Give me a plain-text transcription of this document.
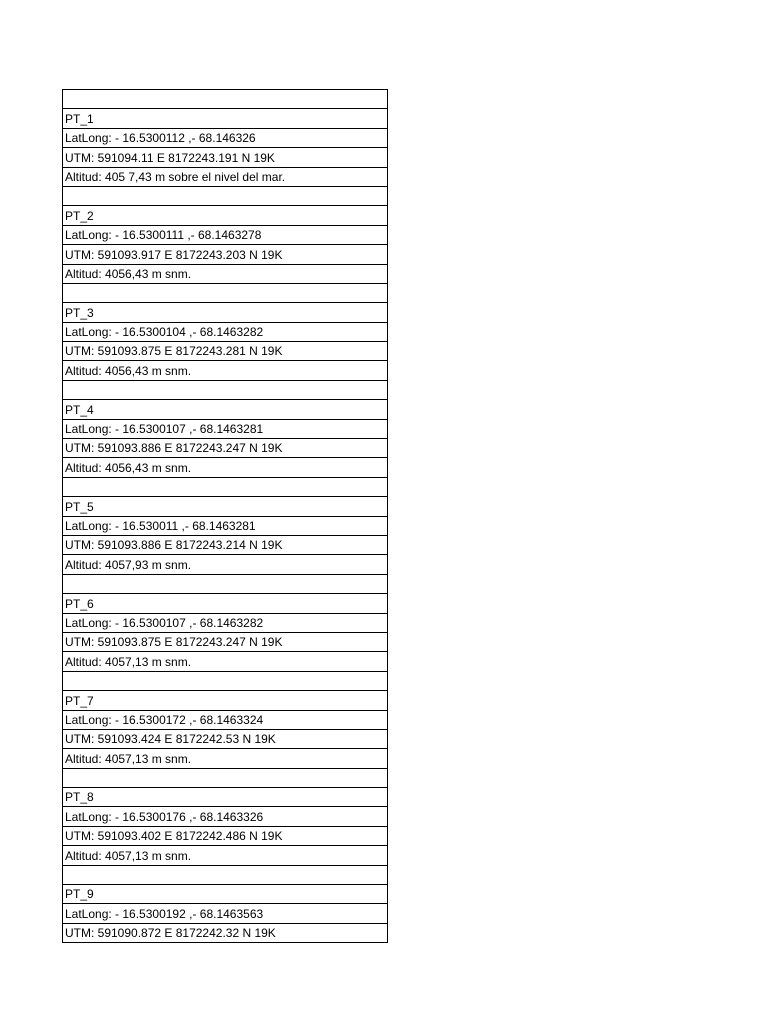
PT_1
LatLong: - 16.5300112 ,- 68.146326
UTM: 591094.11 E 8172243.191 N 19K
Altitud: 405 7,43 m sobre el nivel del mar.

PT_2
LatLong: - 16.5300111 ,- 68.1463278
UTM: 591093.917 E 8172243.203 N 19K
Altitud: 4056,43 m snm.

PT_3
LatLong: - 16.5300104 ,- 68.1463282
UTM: 591093.875 E 8172243.281 N 19K
Altitud: 4056,43 m snm.

PT_4
LatLong: - 16.5300107 ,- 68.1463281
UTM: 591093.886 E 8172243.247 N 19K
Altitud: 4056,43 m snm.

PT_5
LatLong: - 16.530011 ,- 68.1463281
UTM: 591093.886 E 8172243.214 N 19K
Altitud: 4057,93 m snm.

PT_6
LatLong: - 16.5300107 ,- 68.1463282
UTM: 591093.875 E 8172243.247 N 19K
Altitud: 4057,13 m snm.

PT_7
LatLong: - 16.5300172 ,- 68.1463324
UTM: 591093.424 E 8172242.53 N 19K
Altitud: 4057,13 m snm.

PT_8
LatLong: - 16.5300176 ,- 68.1463326
UTM: 591093.402 E 8172242.486 N 19K
Altitud: 4057,13 m snm.

PT_9
LatLong: - 16.5300192 ,- 68.1463563
UTM: 591090.872 E 8172242.32 N 19K
